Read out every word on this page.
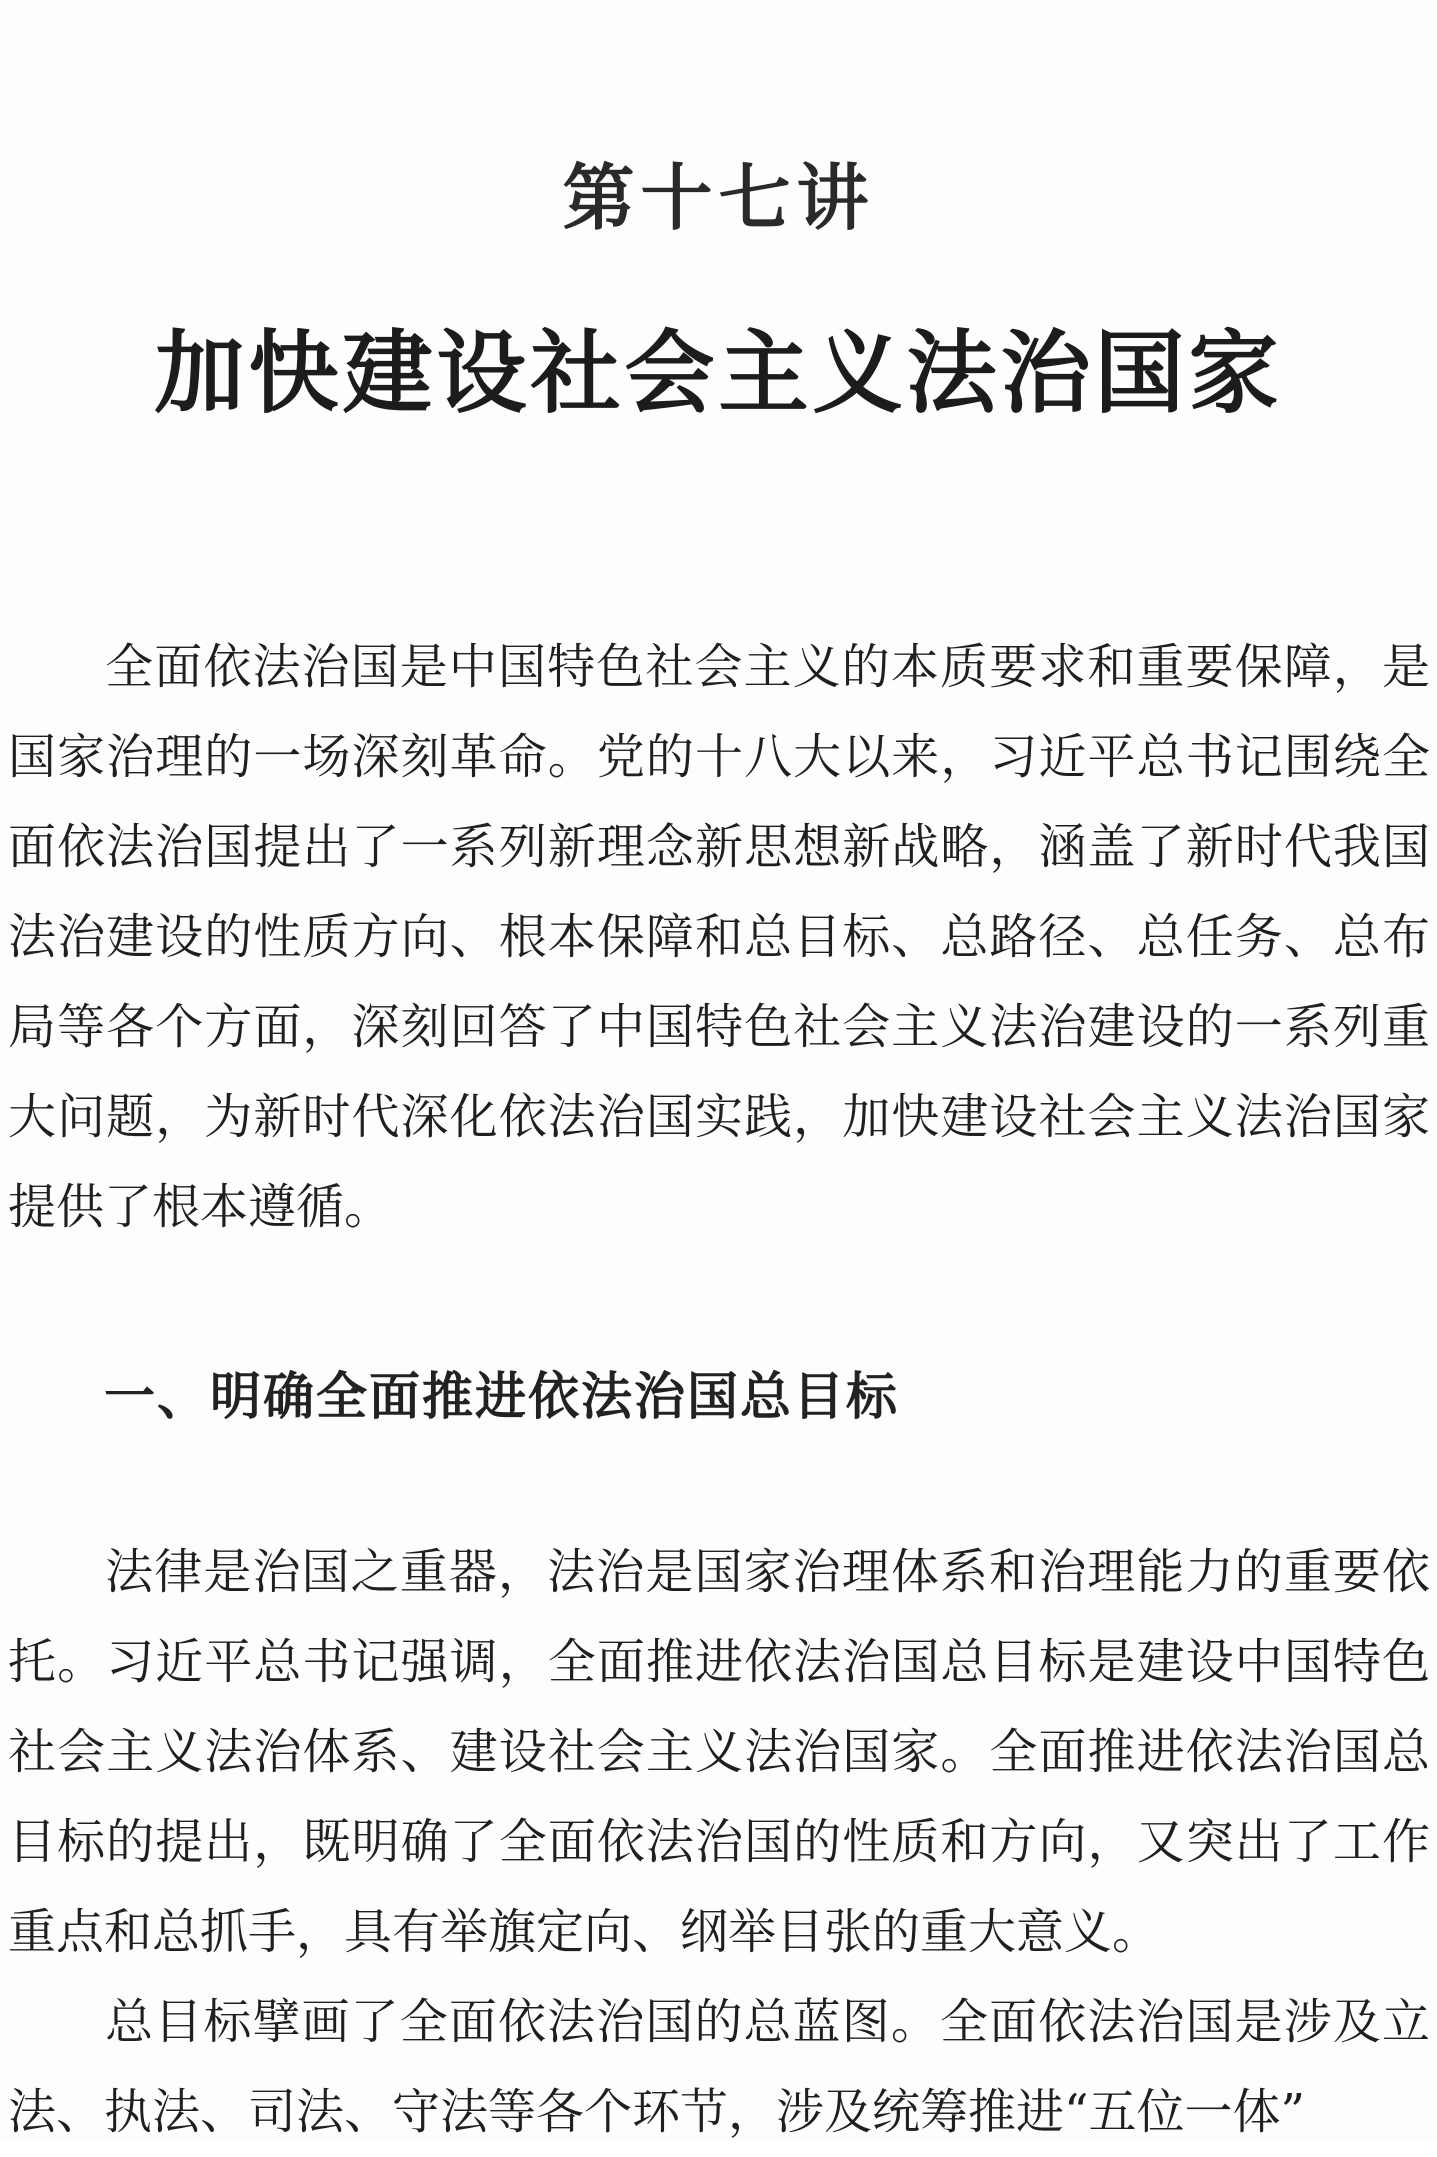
第十七讲
加快建设社会主义法治国家
全面依法治国是中国特色社会主义的本质要求和重要保障，是国家治理的一场深刻革命。党的十八大以来，习近平总书记围绕全面依法治国提出了一系列新理念新思想新战略，涵盖了新时代我国法治建设的性质方向、根本保障和总目标、总路径、总任务、总布局等各个方面，深刻回答了中国特色社会主义法治建设的一系列重大问题，为新时代深化依法治国实践，加快建设社会主义法治国家提供了根本遵循。
一、明确全面推进依法治国总目标
法律是治国之重器，法治是国家治理体系和治理能力的重要依托。习近平总书记强调，全面推进依法治国总目标是建设中国特色社会主义法治体系、建设社会主义法治国家。全面推进依法治国总目标的提出，既明确了全面依法治国的性质和方向，又突出了工作重点和总抓手，具有举旗定向、纲举目张的重大意义。
总目标擘画了全面依法治国的总蓝图。全面依法治国是涉及立法、执法、司法、守法等各个环节，涉及统筹推进“五位一体”
